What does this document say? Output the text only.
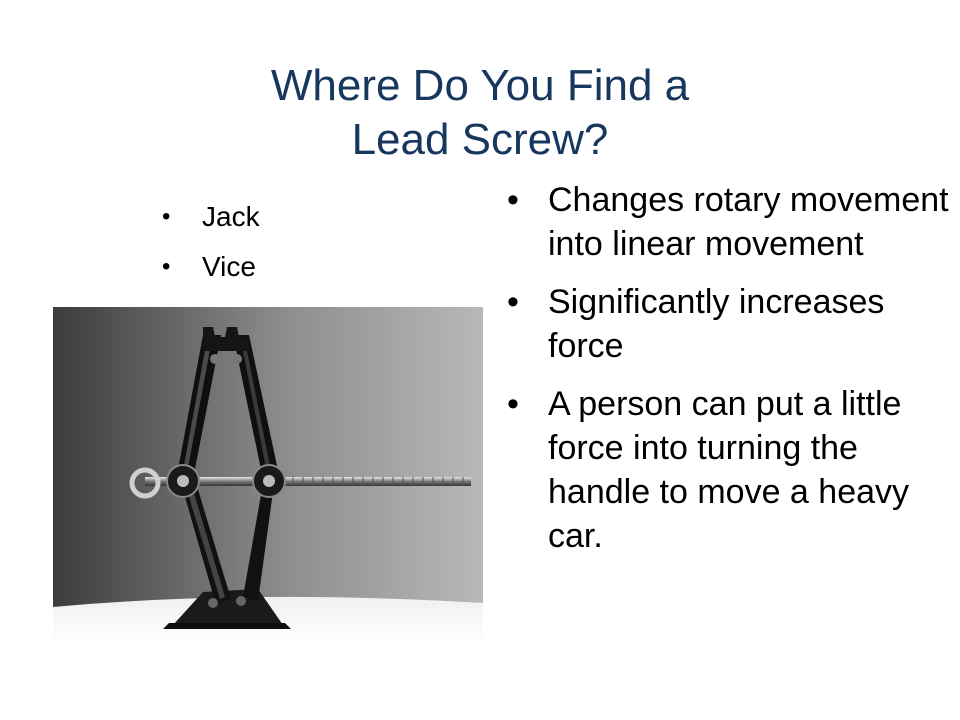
Where Do You Find a
Lead Screw?
• Jack
• Vice
• Changes rotary movement into linear movement
• Significantly increases force
• A person can put a little force into turning the handle to move a heavy car.
